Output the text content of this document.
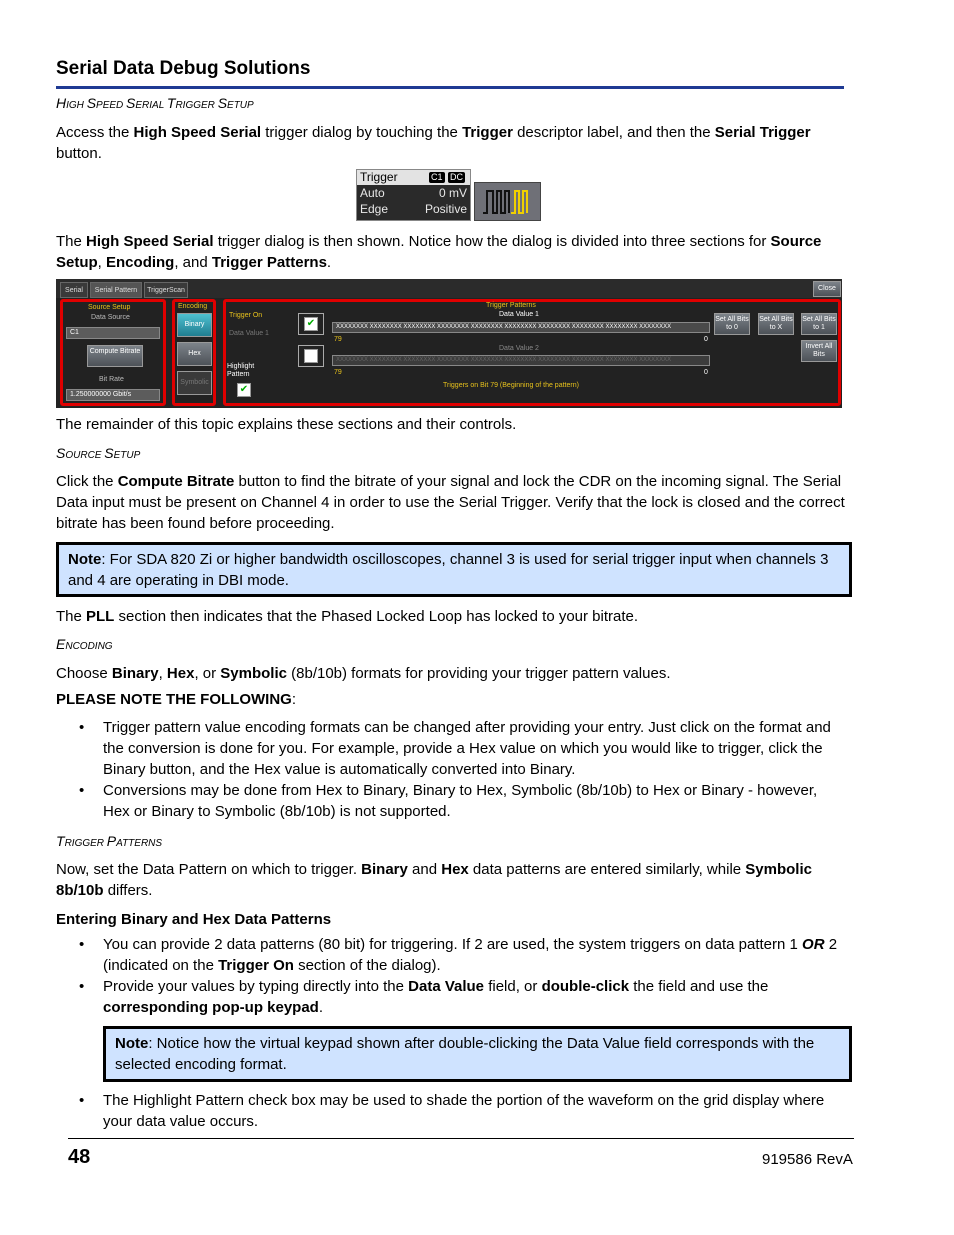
Serial Data Debug Solutions
HIGH SPEED SERIAL TRIGGER SETUP
Access the High Speed Serial trigger dialog by touching the Trigger descriptor label, and then the Serial Trigger button.
Trigger	C1 DC
Auto	0 mV
Edge	Positive
The High Speed Serial trigger dialog is then shown. Notice how the dialog is divided into three sections for Source Setup, Encoding, and Trigger Patterns.
Serial	Serial Pattern	TriggerScan	Close
Source Setup
Data Source
C1
Compute Bitrate
Bit Rate
1.250000000 Gbit/s
Encoding
Binary
Hex
Symbolic
Trigger On
Data Value 1
Highlight Pattern
✔
✔
Trigger Patterns
Data Value 1
XXXXXXXX XXXXXXXX XXXXXXXX XXXXXXXX XXXXXXXX XXXXXXXX XXXXXXXX XXXXXXXX XXXXXXXX XXXXXXXX
79	0
Data Value 2
XXXXXXXX XXXXXXXX XXXXXXXX XXXXXXXX XXXXXXXX XXXXXXXX XXXXXXXX XXXXXXXX XXXXXXXX XXXXXXXX
79	0
Triggers on Bit 79 (Beginning of the pattern)
Set All Bits to 0
Set All Bits to X
Set All Bits to 1
Invert All Bits
The remainder of this topic explains these sections and their controls.
SOURCE SETUP
Click the Compute Bitrate button to find the bitrate of your signal and lock the CDR on the incoming signal. The Serial Data input must be present on Channel 4 in order to use the Serial Trigger. Verify that the lock is closed and the correct bitrate has been found before proceeding.
Note: For SDA 820 Zi or higher bandwidth oscilloscopes, channel 3 is used for serial trigger input when channels 3 and 4 are operating in DBI mode.
The PLL section then indicates that the Phased Locked Loop has locked to your bitrate.
ENCODING
Choose Binary, Hex, or Symbolic (8b/10b) formats for providing your trigger pattern values.
PLEASE NOTE THE FOLLOWING:
• Trigger pattern value encoding formats can be changed after providing your entry. Just click on the format and the conversion is done for you. For example, provide a Hex value on which you would like to trigger, click the Binary button, and the Hex value is automatically converted into Binary.
• Conversions may be done from Hex to Binary, Binary to Hex, Symbolic (8b/10b) to Hex or Binary - however, Hex or Binary to Symbolic (8b/10b) is not supported.
TRIGGER PATTERNS
Now, set the Data Pattern on which to trigger. Binary and Hex data patterns are entered similarly, while Symbolic 8b/10b differs.
Entering Binary and Hex Data Patterns
• You can provide 2 data patterns (80 bit) for triggering. If 2 are used, the system triggers on data pattern 1 OR 2 (indicated on the Trigger On section of the dialog).
• Provide your values by typing directly into the Data Value field, or double-click the field and use the corresponding pop-up keypad.
Note: Notice how the virtual keypad shown after double-clicking the Data Value field corresponds with the selected encoding format.
• The Highlight Pattern check box may be used to shade the portion of the waveform on the grid display where your data value occurs.
48	919586 RevA
